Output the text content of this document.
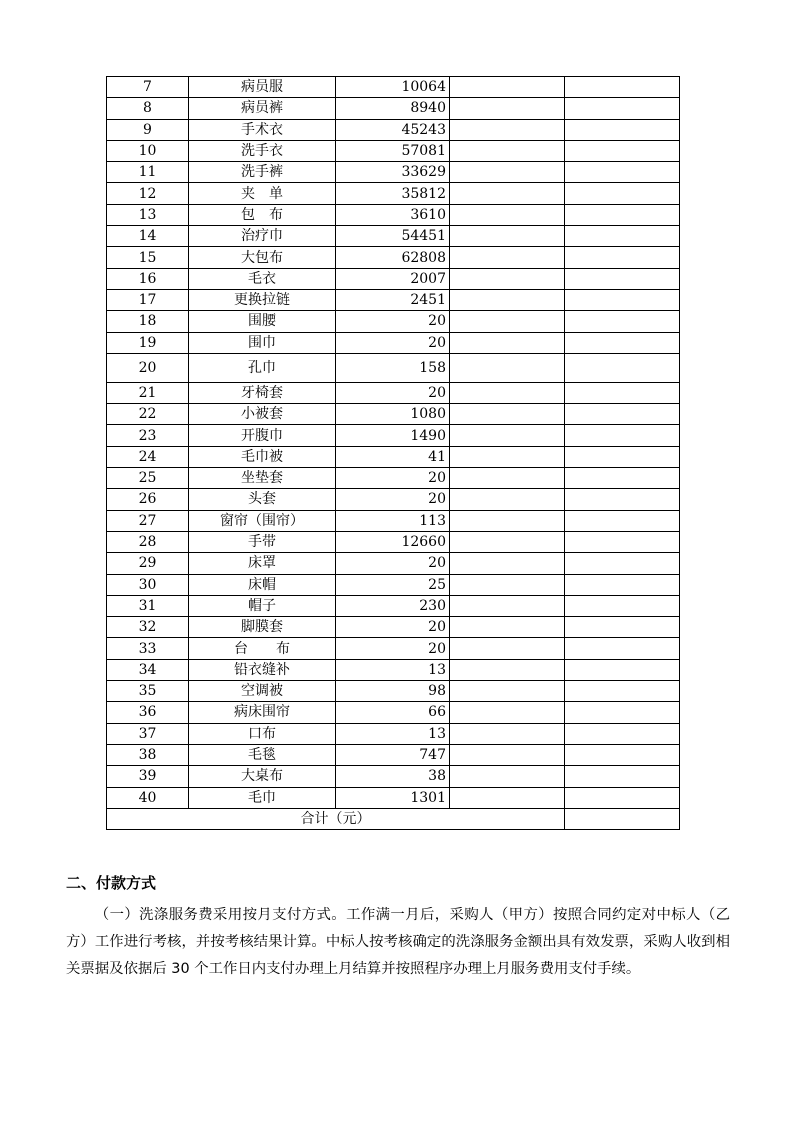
7	病员服	10064		
8	病员裤	8940		
9	手术衣	45243		
10	洗手衣	57081		
11	洗手裤	33629		
12	夹　单	35812		
13	包　布	3610		
14	治疗巾	54451		
15	大包布	62808		
16	毛衣	2007		
17	更换拉链	2451		
18	围腰	20		
19	围巾	20		
20	孔巾	158		
21	牙椅套	20		
22	小被套	1080		
23	开腹巾	1490		
24	毛巾被	41		
25	坐垫套	20		
26	头套	20		
27	窗帘（围帘）	113		
28	手带	12660		
29	床罩	20		
30	床帽	25		
31	帽子	230		
32	脚膜套	20		
33	台　　布	20		
34	铅衣缝补	13		
35	空调被	98		
36	病床围帘	66		
37	口布	13		
38	毛毯	747		
39	大桌布	38		
40	毛巾	1301		
合计（元）				
二、付款方式

（一）洗涤服务费采用按月支付方式。工作满一月后，采购人（甲方）按照合同约定对中标人（乙方）工作进行考核，并按考核结果计算。中标人按考核确定的洗涤服务金额出具有效发票，采购人收到相关票据及依据后 30 个工作日内支付办理上月结算并按照程序办理上月服务费用支付手续。
